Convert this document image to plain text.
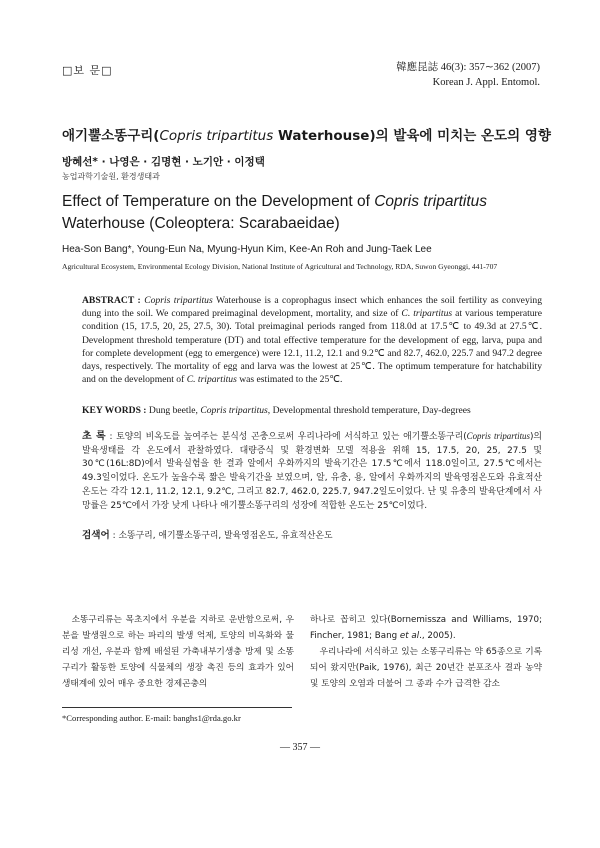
□보 문□	韓應昆誌 46(3): 357∼362 (2007)
Korean J. Appl. Entomol.
애기뿔소똥구리(Copris tripartitus Waterhouse)의 발육에 미치는 온도의 영향
방혜선* · 나영은 · 김명현 · 노기안 · 이정택
농업과학기술원, 환경생태과
Effect of Temperature on the Development of Copris tripartitus Waterhouse (Coleoptera: Scarabaeidae)
Hea-Son Bang*, Young-Eun Na, Myung-Hyun Kim, Kee-An Roh and Jung-Taek Lee
Agricultural Ecosystem, Environmental Ecology Division, National Institute of Agricultural and Technology, RDA, Suwon Gyeonggi, 441-707
ABSTRACT : Copris tripartitus Waterhouse is a coprophagus insect which enhances the soil fertility as conveying dung into the soil. We compared preimaginal development, mortality, and size of C. tripartitus at various temperature condition (15, 17.5, 20, 25, 27.5, 30). Total preimaginal periods ranged from 118.0d at 17.5℃ to 49.3d at 27.5℃. Development threshold temperature (DT) and total effective temperature for the development of egg, larva, pupa and for complete development (egg to emergence) were 12.1, 11.2, 12.1 and 9.2℃ and 82.7, 462.0, 225.7 and 947.2 degree days, respectively. The mortality of egg and larva was the lowest at 25℃. The optimum temperature for hatchability and on the development of C. tripartitus was estimated to the 25℃.
KEY WORDS : Dung beetle, Copris tripartitus, Developmental threshold temperature, Day-degrees
초 록 : 토양의 비옥도를 높여주는 분식성 곤충으로써 우리나라에 서식하고 있는 애기뿔소똥구리(Copris tripartitus)의 발육생태를 각 온도에서 관찰하였다. 대량증식 및 환경변화 모델 적용을 위해 15, 17.5, 20, 25, 27.5 및 30℃(16L:8D)에서 발육실험을 한 결과 알에서 우화까지의 발육기간은 17.5℃에서 118.0일이고, 27.5℃에서는 49.3일이었다. 온도가 높을수록 짧은 발육기간을 보였으며, 알, 유충, 용, 알에서 우화까지의 발육영점온도와 유효적산온도는 각각 12.1, 11.2, 12.1, 9.2℃, 그리고 82.7, 462.0, 225.7, 947.2일도이었다. 난 및 유충의 발육단계에서 사망률은 25℃에서 가장 낮게 나타나 애기뿔소똥구리의 성장에 적합한 온도는 25℃이었다.
검색어 : 소똥구리, 애기뿔소똥구리, 발육영점온도, 유효적산온도

소똥구리류는 목초지에서 우분을 지하로 운반함으로써, 우분을 발생원으로 하는 파리의 발생 억제, 토양의 비옥화와 물리성 개선, 우분과 함께 배설된 가축내부기생충 방제 및 소똥구리가 활동한 토양에 식물체의 생장 촉진 등의 효과가 있어 생태계에 있어 매우 중요한 경제곤충의

하나로 꼽히고 있다(Bornemissza and Williams, 1970; Fincher, 1981; Bang et al., 2005).

우리나라에 서식하고 있는 소똥구리류는 약 65종으로 기록되어 왔지만(Paik, 1976), 최근 20년간 분포조사 결과 농약 및 토양의 오염과 더불어 그 종과 수가 급격한 감소

*Corresponding author. E-mail: banghs1@rda.go.kr
— 357 —
